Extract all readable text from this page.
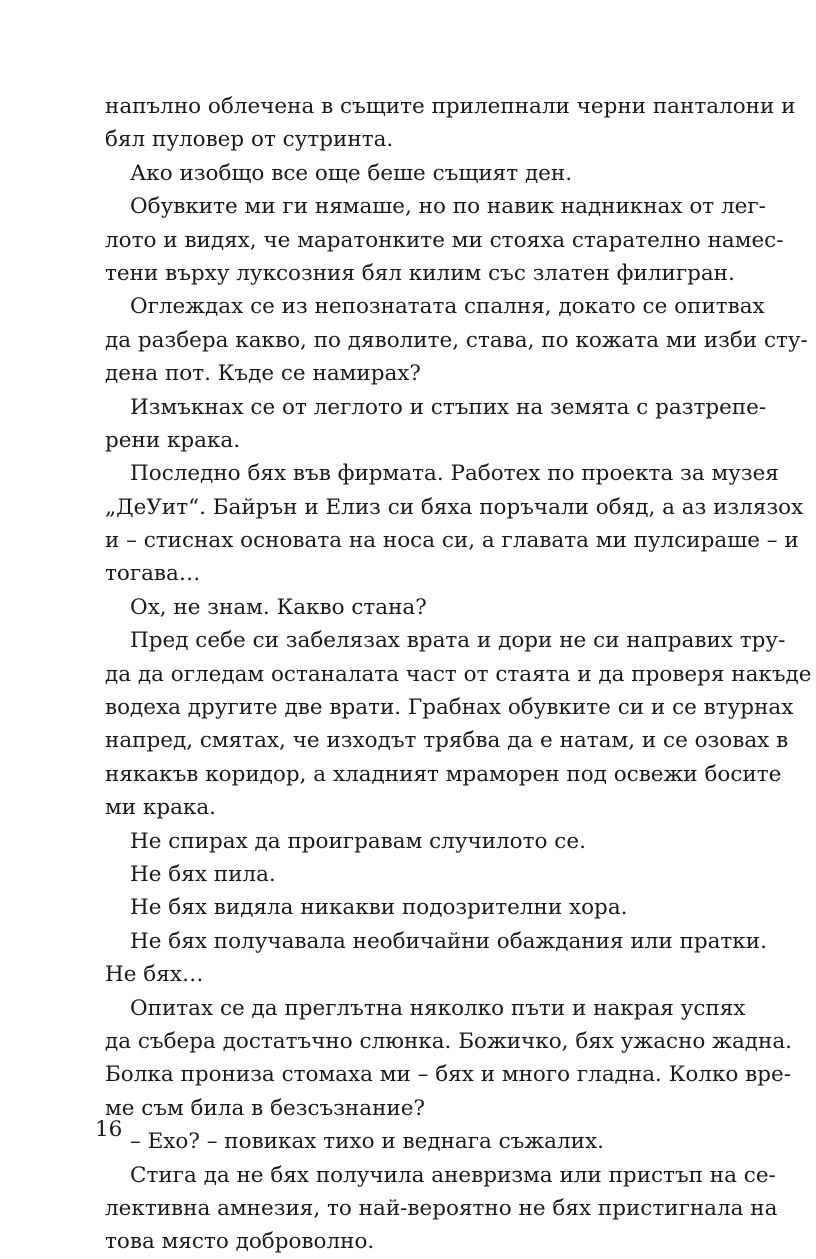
напълно облечена в същите прилепнали черни панталони и
бял пуловер от сутринта.
Ако изобщо все още беше същият ден.
Обувките ми ги нямаше, но по навик надникнах от лег-
лото и видях, че маратонките ми стояха старателно намес-
тени върху луксозния бял килим със златен филигран.
Оглеждах се из непознатата спалня, докато се опитвах
да разбера какво, по дяволите, става, по кожата ми изби сту-
дена пот. Къде се намирах?
Измъкнах се от леглото и стъпих на земята с разтрепе-
рени крака.
Последно бях във фирмата. Работех по проекта за музея
„ДеУит“. Байрън и Елиз си бяха поръчали обяд, а аз излязох
и – стиснах основата на носа си, а главата ми пулсираше – и
тогава…
Ох, не знам. Какво стана?
Пред себе си забелязах врата и дори не си направих тру-
да да огледам останалата част от стаята и да проверя накъде
водеха другите две врати. Грабнах обувките си и се втурнах
напред, смятах, че изходът трябва да е натам, и се озовах в
някакъв коридор, а хладният мраморен под освежи босите
ми крака.
Не спирах да проигравам случилото се.
Не бях пила.
Не бях видяла никакви подозрителни хора.
Не бях получавала необичайни обаждания или пратки.
Не бях…
Опитах се да преглътна няколко пъти и накрая успях
да събера достатъчно слюнка. Божичко, бях ужасно жадна.
Болка прониза стомаха ми – бях и много гладна. Колко вре-
ме съм била в безсъзнание?
– Ехо? – повиках тихо и веднага съжалих.
Стига да не бях получила аневризма или пристъп на се-
лективна амнезия, то най-вероятно не бях пристигнала на
това място доброволно.
16
